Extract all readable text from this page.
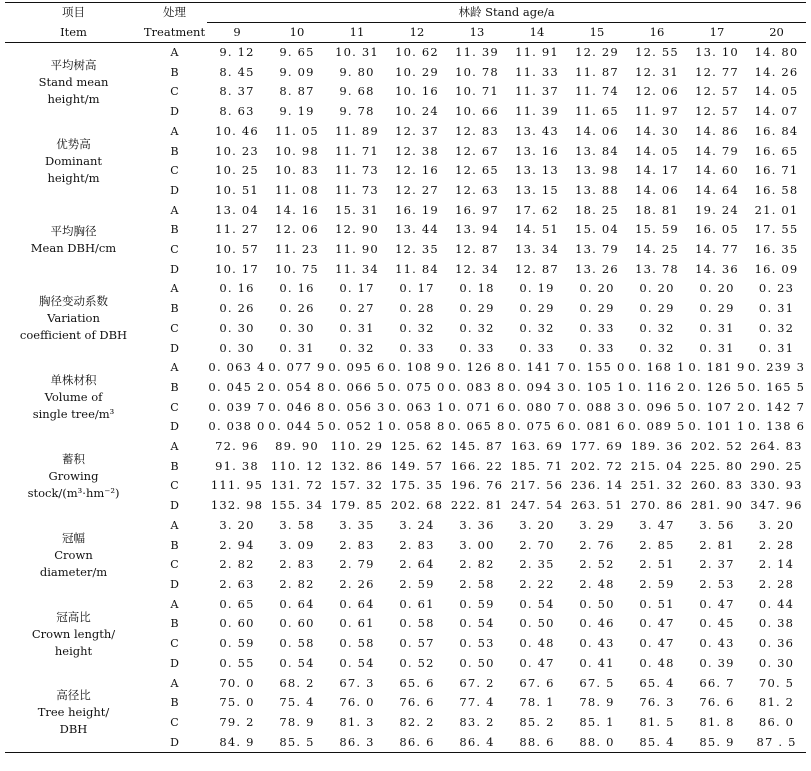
项目	处理	林龄 Stand age/a									
Item	Treatment	9	10	11	12	13	14	15	16	17	20

平均树高
Stand mean
height/m	A	9. 12	9. 65	10. 31	10. 62	11. 39	11. 91	12. 29	12. 55	13. 10	14. 80
	B	8. 45	9. 09	9. 80	10. 29	10. 78	11. 33	11. 87	12. 31	12. 77	14. 26
	C	8. 37	8. 87	9. 68	10. 16	10. 71	11. 37	11. 74	12. 06	12. 57	14. 05
	D	8. 63	9. 19	9. 78	10. 24	10. 66	11. 39	11. 65	11. 97	12. 57	14. 07

优势高
Dominant
height/m	A	10. 46	11. 05	11. 89	12. 37	12. 83	13. 43	14. 06	14. 30	14. 86	16. 84
	B	10. 23	10. 98	11. 71	12. 38	12. 67	13. 16	13. 84	14. 05	14. 79	16. 65
	C	10. 25	10. 83	11. 73	12. 16	12. 65	13. 13	13. 98	14. 17	14. 60	16. 71
	D	10. 51	11. 08	11. 73	12. 27	12. 63	13. 15	13. 88	14. 06	14. 64	16. 58

平均胸径
Mean DBH/cm	A	13. 04	14. 16	15. 31	16. 19	16. 97	17. 62	18. 25	18. 81	19. 24	21. 01
	B	11. 27	12. 06	12. 90	13. 44	13. 94	14. 51	15. 04	15. 59	16. 05	17. 55
	C	10. 57	11. 23	11. 90	12. 35	12. 87	13. 34	13. 79	14. 25	14. 77	16. 35
	D	10. 17	10. 75	11. 34	11. 84	12. 34	12. 87	13. 26	13. 78	14. 36	16. 09

胸径变动系数
Variation
coefficient of DBH	A	0. 16	0. 16	0. 17	0. 17	0. 18	0. 19	0. 20	0. 20	0. 20	0. 23
	B	0. 26	0. 26	0. 27	0. 28	0. 29	0. 29	0. 29	0. 29	0. 29	0. 31
	C	0. 30	0. 30	0. 31	0. 32	0. 32	0. 32	0. 33	0. 32	0. 31	0. 32
	D	0. 30	0. 31	0. 32	0. 33	0. 33	0. 33	0. 33	0. 32	0. 31	0. 31

单株材积
Volume of
single tree/m³	A	0. 063 4	0. 077 9	0. 095 6	0. 108 9	0. 126 8	0. 141 7	0. 155 0	0. 168 1	0. 181 9	0. 239 3
	B	0. 045 2	0. 054 8	0. 066 5	0. 075 0	0. 083 8	0. 094 3	0. 105 1	0. 116 2	0. 126 5	0. 165 5
	C	0. 039 7	0. 046 8	0. 056 3	0. 063 1	0. 071 6	0. 080 7	0. 088 3	0. 096 5	0. 107 2	0. 142 7
	D	0. 038 0	0. 044 5	0. 052 1	0. 058 8	0. 065 8	0. 075 6	0. 081 6	0. 089 5	0. 101 1	0. 138 6

蓄积
Growing
stock/(m³·hm⁻²)	A	72. 96	89. 90	110. 29	125. 62	145. 87	163. 69	177. 69	189. 36	202. 52	264. 83
	B	91. 38	110. 12	132. 86	149. 57	166. 22	185. 71	202. 72	215. 04	225. 80	290. 25
	C	111. 95	131. 72	157. 32	175. 35	196. 76	217. 56	236. 14	251. 32	260. 83	330. 93
	D	132. 98	155. 34	179. 85	202. 68	222. 81	247. 54	263. 51	270. 86	281. 90	347. 96

冠幅
Crown
diameter/m	A	3. 20	3. 58	3. 35	3. 24	3. 36	3. 20	3. 29	3. 47	3. 56	3. 20
	B	2. 94	3. 09	2. 83	2. 83	3. 00	2. 70	2. 76	2. 85	2. 81	2. 28
	C	2. 82	2. 83	2. 79	2. 64	2. 82	2. 35	2. 52	2. 51	2. 37	2. 14
	D	2. 63	2. 82	2. 26	2. 59	2. 58	2. 22	2. 48	2. 59	2. 53	2. 28

冠高比
Crown length/
height	A	0. 65	0. 64	0. 64	0. 61	0. 59	0. 54	0. 50	0. 51	0. 47	0. 44
	B	0. 60	0. 60	0. 61	0. 58	0. 54	0. 50	0. 46	0. 47	0. 45	0. 38
	C	0. 59	0. 58	0. 58	0. 57	0. 53	0. 48	0. 43	0. 47	0. 43	0. 36
	D	0. 55	0. 54	0. 54	0. 52	0. 50	0. 47	0. 41	0. 48	0. 39	0. 30

高径比
Tree height/
DBH	A	70. 0	68. 2	67. 3	65. 6	67. 2	67. 6	67. 5	65. 4	66. 7	70. 5
	B	75. 0	75. 4	76. 0	76. 6	77. 4	78. 1	78. 9	76. 3	76. 6	81. 2
	C	79. 2	78. 9	81. 3	82. 2	83. 2	85. 2	85. 1	81. 5	81. 8	86. 0
	D	84. 9	85. 5	86. 3	86. 6	86. 4	88. 6	88. 0	85. 4	85. 9	87 . 5
